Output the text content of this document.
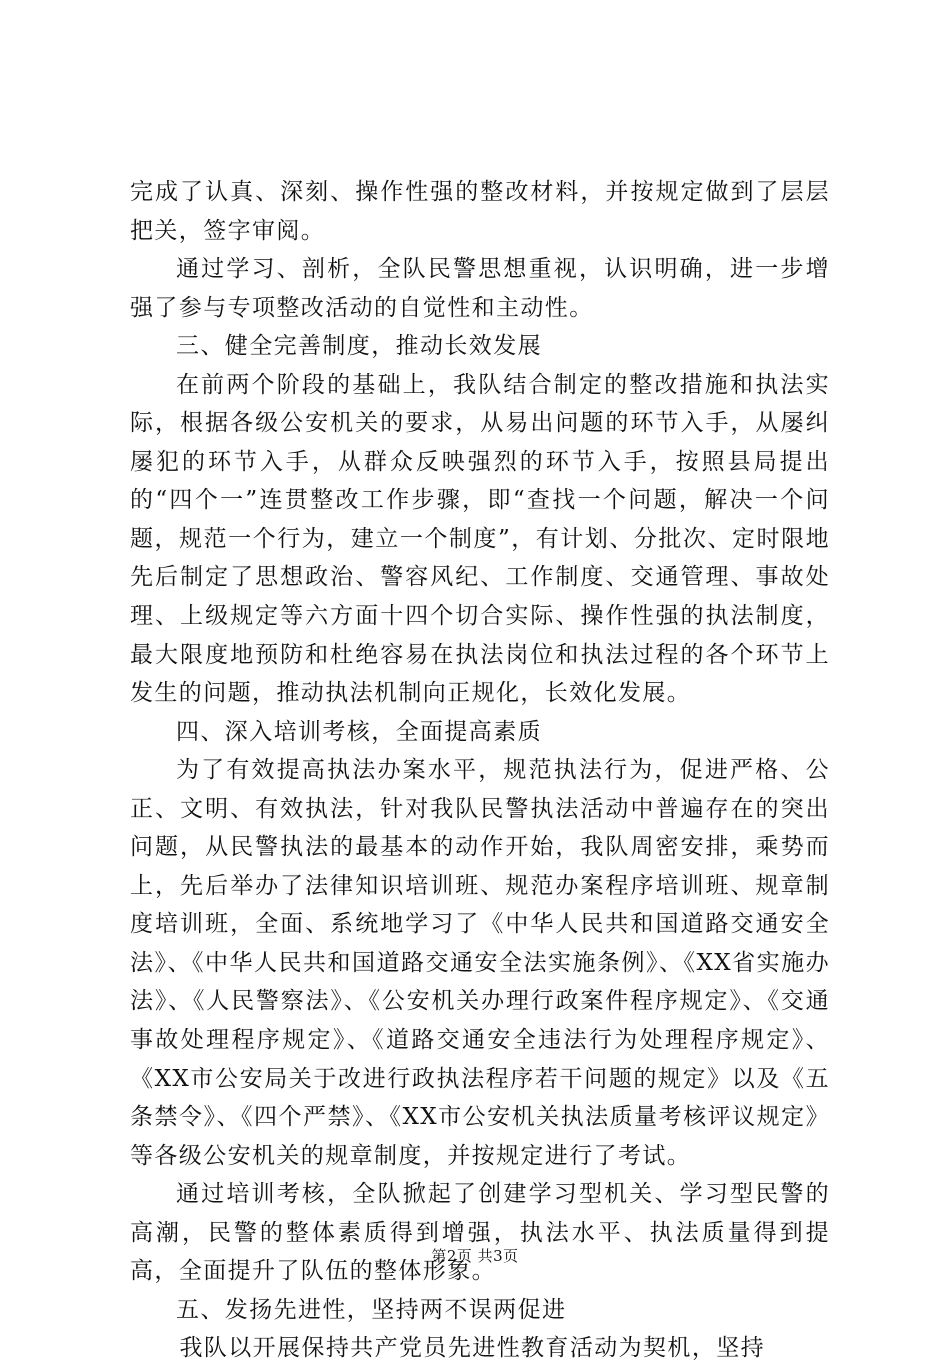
完成了认真、深刻、操作性强的整改材料，并按规定做到了层层把关，签字审阅。

通过学习、剖析，全队民警思想重视，认识明确，进一步增强了参与专项整改活动的自觉性和主动性。

三、健全完善制度，推动长效发展

在前两个阶段的基础上，我队结合制定的整改措施和执法实际，根据各级公安机关的要求，从易出问题的环节入手，从屡纠屡犯的环节入手，从群众反映强烈的环节入手，按照县局提出的“四个一”连贯整改工作步骤，即“查找一个问题，解决一个问题，规范一个行为，建立一个制度”，有计划、分批次、定时限地先后制定了思想政治、警容风纪、工作制度、交通管理、事故处理、上级规定等六方面十四个切合实际、操作性强的执法制度，最大限度地预防和杜绝容易在执法岗位和执法过程的各个环节上发生的问题，推动执法机制向正规化，长效化发展。

四、深入培训考核，全面提高素质

为了有效提高执法办案水平，规范执法行为，促进严格、公正、文明、有效执法，针对我队民警执法活动中普遍存在的突出问题，从民警执法的最基本的动作开始，我队周密安排，乘势而上，先后举办了法律知识培训班、规范办案程序培训班、规章制度培训班，全面、系统地学习了《中华人民共和国道路交通安全法》、《中华人民共和国道路交通安全法实施条例》、《XX省实施办法》、《人民警察法》、《公安机关办理行政案件程序规定》、《交通事故处理程序规定》、《道路交通安全违法行为处理程序规定》、《XX市公安局关于改进行政执法程序若干问题的规定》以及《五条禁令》、《四个严禁》、《XX市公安机关执法质量考核评议规定》等各级公安机关的规章制度，并按规定进行了考试。

通过培训考核，全队掀起了创建学习型机关、学习型民警的高潮，民警的整体素质得到增强，执法水平、执法质量得到提高，全面提升了队伍的整体形象。

五、发扬先进性，坚持两不误两促进

我队以开展保持共产党员先进性教育活动为契机，坚持

第2页 共3页
